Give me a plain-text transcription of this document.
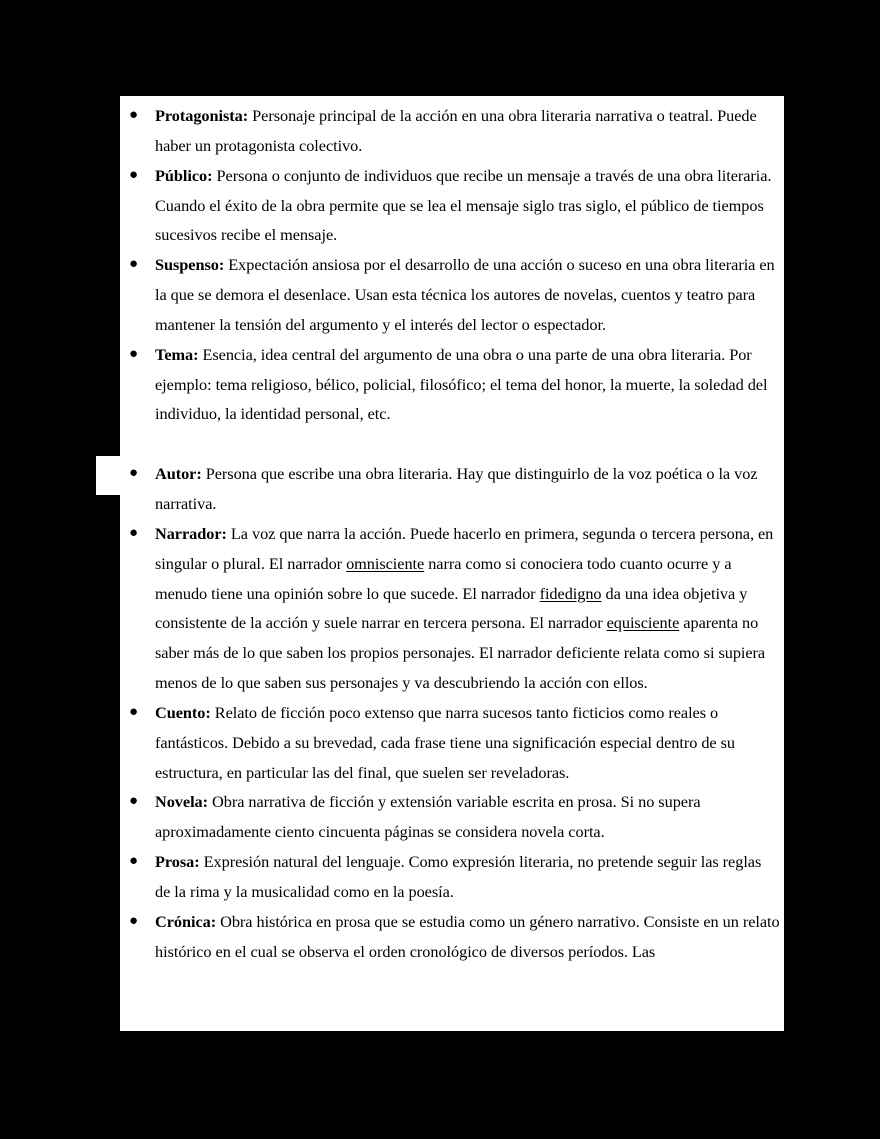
● Protagonista: Personaje principal de la acción en una obra literaria narrativa o teatral. Puede haber un protagonista colectivo.
● Público: Persona o conjunto de individuos que recibe un mensaje a través de una obra literaria. Cuando el éxito de la obra permite que se lea el mensaje siglo tras siglo, el público de tiempos sucesivos recibe el mensaje.
● Suspenso: Expectación ansiosa por el desarrollo de una acción o suceso en una obra literaria en la que se demora el desenlace. Usan esta técnica los autores de novelas, cuentos y teatro para mantener la tensión del argumento y el interés del lector o espectador.
● Tema: Esencia, idea central del argumento de una obra o una parte de una obra literaria. Por ejemplo: tema religioso, bélico, policial, filosófico; el tema del honor, la muerte, la soledad del individuo, la identidad personal, etc.
● Autor: Persona que escribe una obra literaria. Hay que distinguirlo de la voz poética o la voz narrativa.
● Narrador: La voz que narra la acción. Puede hacerlo en primera, segunda o tercera persona, en singular o plural. El narrador omnisciente narra como si conociera todo cuanto ocurre y a menudo tiene una opinión sobre lo que sucede. El narrador fidedigno da una idea objetiva y consistente de la acción y suele narrar en tercera persona. El narrador equisciente aparenta no saber más de lo que saben los propios personajes. El narrador deficiente relata como si supiera menos de lo que saben sus personajes y va descubriendo la acción con ellos.
● Cuento: Relato de ficción poco extenso que narra sucesos tanto ficticios como reales o fantásticos. Debido a su brevedad, cada frase tiene una significación especial dentro de su estructura, en particular las del final, que suelen ser reveladoras.
● Novela: Obra narrativa de ficción y extensión variable escrita en prosa. Si no supera aproximadamente ciento cincuenta páginas se considera novela corta.
● Prosa: Expresión natural del lenguaje. Como expresión literaria, no pretende seguir las reglas de la rima y la musicalidad como en la poesía.
● Crónica: Obra histórica en prosa que se estudia como un género narrativo. Consiste en un relato histórico en el cual se observa el orden cronológico de diversos períodos. Las
